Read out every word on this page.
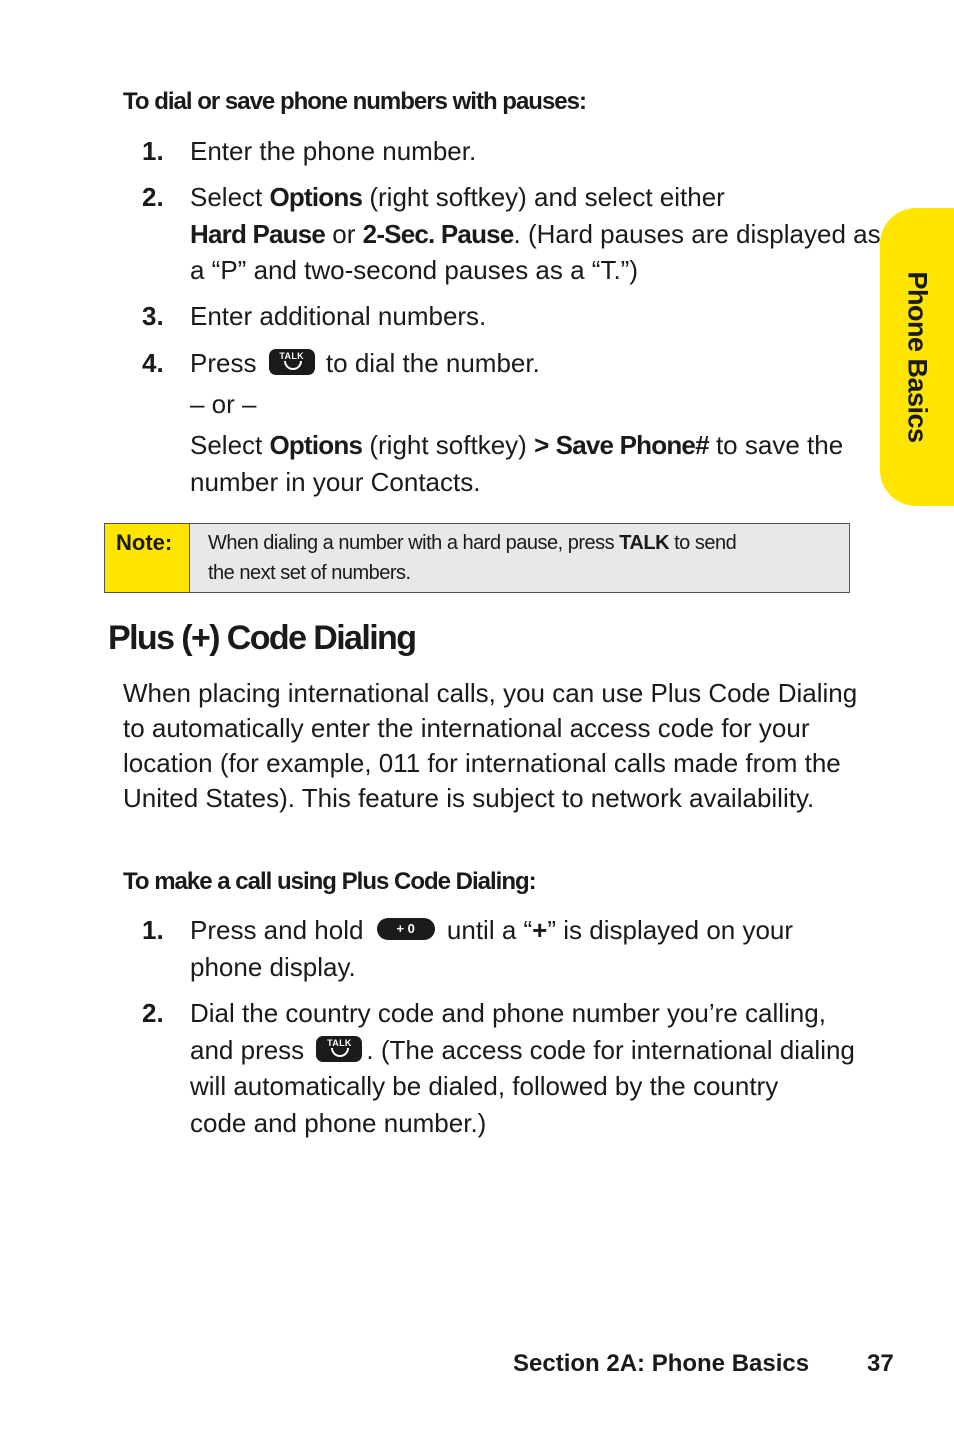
Phone Basics
To dial or save phone numbers with pauses:
1. Enter the phone number.
2. Select Options (right softkey) and select either
Hard Pause or 2-Sec. Pause. (Hard pauses are displayed as
a “P” and two-second pauses as a “T.”)
3. Enter additional numbers.
4. Press	TALK to dial the number.
– or –
Select Options (right softkey) > Save Phone# to save the
number in your Contacts.
Note:	When dialing a number with a hard pause, press TALK to send
the next set of numbers.
Plus (+) Code Dialing
When placing international calls, you can use Plus Code Dialing to automatically enter the international access code for your location (for example, 011 for international calls made from the United States). This feature is subject to network availability.
To make a call using Plus Code Dialing:
1. Press and hold + 0 until a “+” is displayed on your
phone display.
2. Dial the country code and phone number you’re calling,
and press	TALK . (The access code for international dialing
will automatically be dialed, followed by the country
code and phone number.)
Section 2A: Phone Basics 37
